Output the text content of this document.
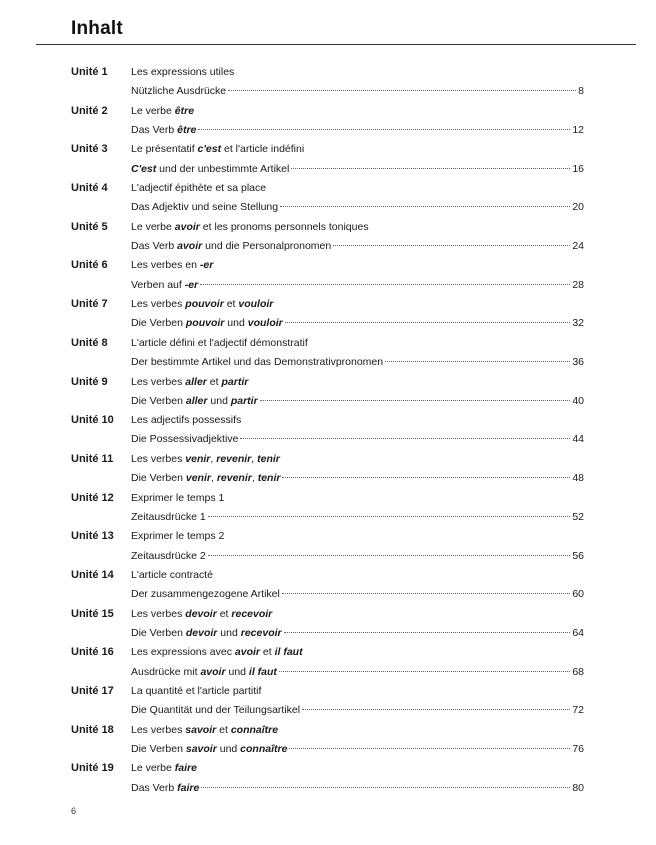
Inhalt
Unité 1	Les expressions utiles
Nützliche Ausdrücke	8
Unité 2	Le verbe être
Das Verb être	12
Unité 3	Le présentatif c'est et l'article indéfini
C'est und der unbestimmte Artikel	16
Unité 4	L'adjectif épithète et sa place
Das Adjektiv und seine Stellung	20
Unité 5	Le verbe avoir et les pronoms personnels toniques
Das Verb avoir und die Personalpronomen	24
Unité 6	Les verbes en -er
Verben auf -er	28
Unité 7	Les verbes pouvoir et vouloir
Die Verben pouvoir und vouloir	32
Unité 8	L'article défini et l'adjectif démonstratif
Der bestimmte Artikel und das Demonstrativpronomen	36
Unité 9	Les verbes aller et partir
Die Verben aller und partir	40
Unité 10	Les adjectifs possessifs
Die Possessivadjektive	44
Unité 11	Les verbes venir, revenir, tenir
Die Verben venir, revenir, tenir	48
Unité 12	Exprimer le temps 1
Zeitausdrücke 1	52
Unité 13	Exprimer le temps 2
Zeitausdrücke 2	56
Unité 14	L'article contracté
Der zusammengezogene Artikel	60
Unité 15	Les verbes devoir et recevoir
Die Verben devoir und recevoir	64
Unité 16	Les expressions avec avoir et il faut
Ausdrücke mit avoir und il faut	68
Unité 17	La quantité et l'article partitif
Die Quantität und der Teilungsartikel	72
Unité 18	Les verbes savoir et connaître
Die Verben savoir und connaître	76
Unité 19	Le verbe faire
Das Verb faire	80
6
